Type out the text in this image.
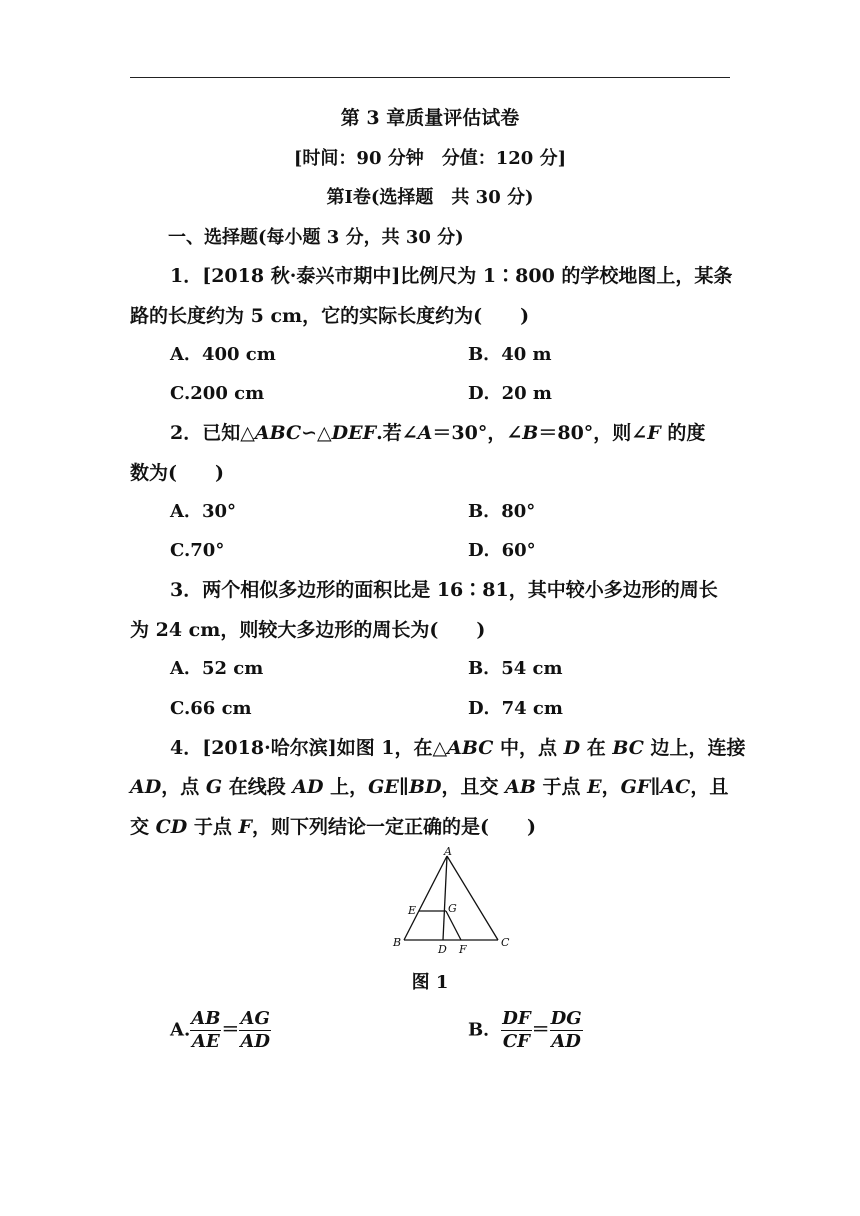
第 3 章质量评估试卷
[时间：90 分钟　分值：120 分]
第Ⅰ卷(选择题　共 30 分)
一、选择题(每小题 3 分，共 30 分)
1．[2018 秋·泰兴市期中]比例尺为 1∶800 的学校地图上，某条
路的长度约为 5 cm，它的实际长度约为(　　)
A．400 cm	B．40 m
C.200 cm	D．20 m
2．已知△ABC∽△DEF.若∠A＝30°，∠B＝80°，则∠F 的度
数为(　　)
A．30°	B．80°
C.70°	D．60°
3．两个相似多边形的面积比是 16∶81，其中较小多边形的周长
为 24 cm，则较大多边形的周长为(　　)
A．52 cm	B．54 cm
C.66 cm	D．74 cm
4．[2018·哈尔滨]如图 1，在△ABC 中，点 D 在 BC 边上，连接
AD，点 G 在线段 AD 上，GE∥BD，且交 AB 于点 E，GF∥AC，且
交 CD 于点 F，则下列结论一定正确的是(　　)
A
B	C
D
E
F
G
图 1
A. $\frac{AB}{AE} = \frac{AG}{AD}$	B． $\frac{DF}{CF} = \frac{DG}{AD}$
